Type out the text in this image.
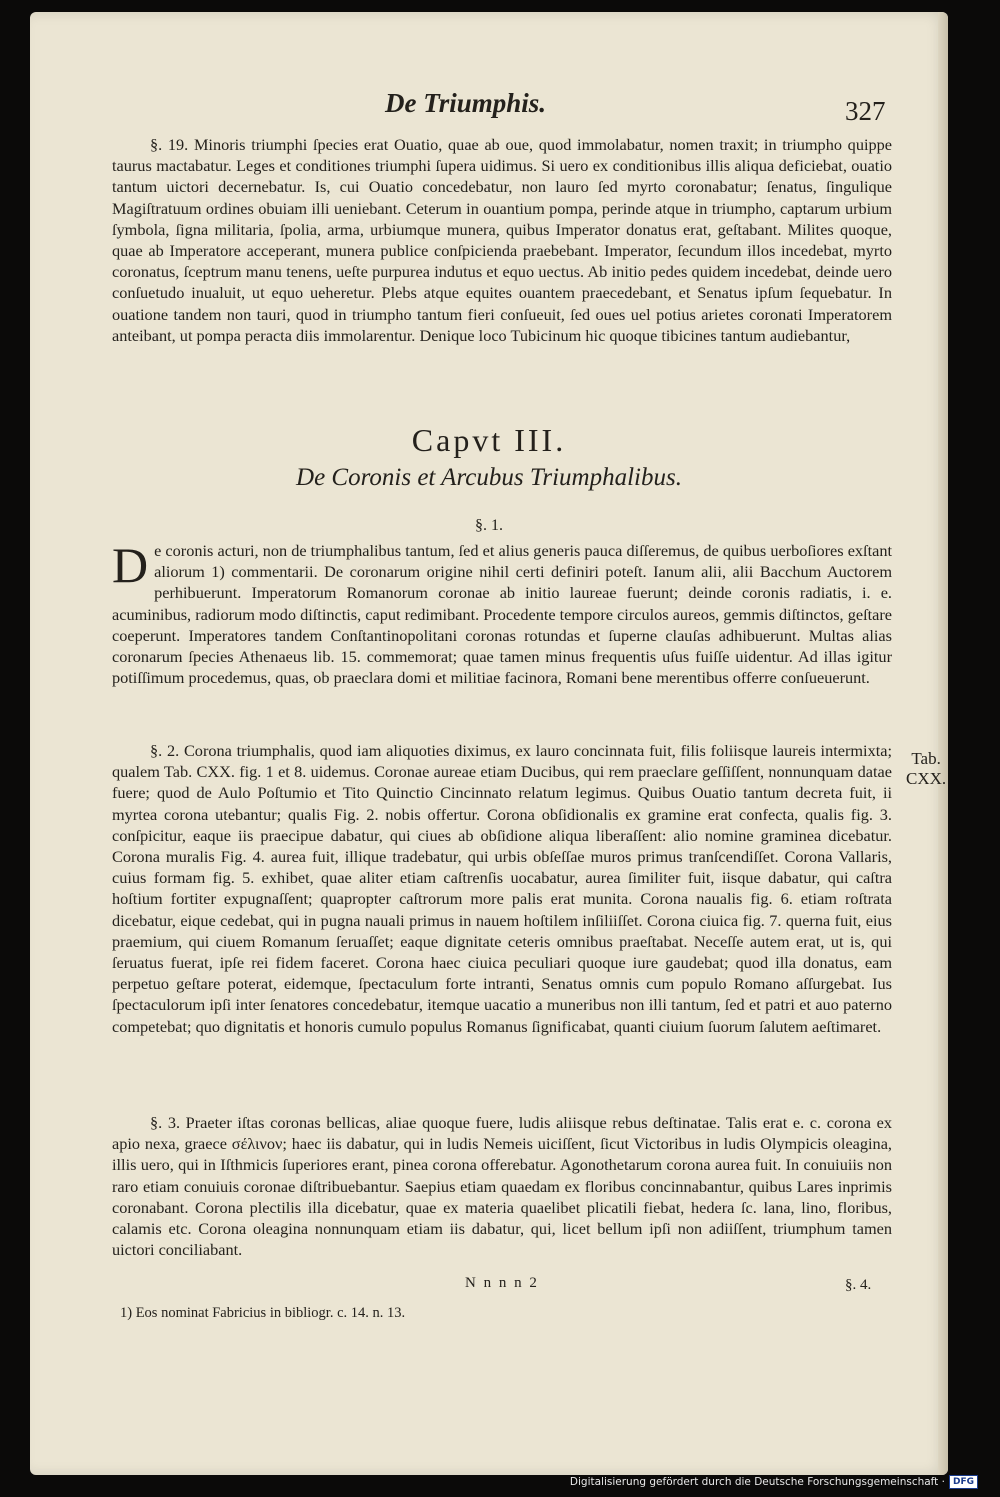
De Triumphis.	327

§. 19. Minoris triumphi ſpecies erat Ouatio, quae ab oue, quod immolabatur, nomen traxit; in triumpho quippe taurus mactabatur. Leges et conditiones triumphi ſupera uidimus. Si uero ex conditionibus illis aliqua deficiebat, ouatio tantum uictori decernebatur. Is, cui Ouatio concedebatur, non lauro ſed myrto coronabatur; ſenatus, ſingulique Magiſtratuum ordines obuiam illi ueniebant. Ceterum in ouantium pompa, perinde atque in triumpho, captarum urbium ſymbola, ſigna militaria, ſpolia, arma, urbiumque munera, quibus Imperator donatus erat, geſtabant. Milites quoque, quae ab Imperatore acceperant, munera publice conſpicienda praebebant. Imperator, ſecundum illos incedebat, myrto coronatus, ſceptrum manu tenens, ueſte purpurea indutus et equo uectus. Ab initio pedes quidem incedebat, deinde uero conſuetudo inualuit, ut equo ueheretur. Plebs atque equites ouantem praecedebant, et Senatus ipſum ſequebatur. In ouatione tandem non tauri, quod in triumpho tantum fieri conſueuit, ſed oues uel potius arietes coronati Imperatorem anteibant, ut pompa peracta diis immolarentur. Denique loco Tubicinum hic quoque tibicines tantum audiebantur,

Capvt III.
De Coronis et Arcubus Triumphalibus.
§. 1.
D e coronis acturi, non de triumphalibus tantum, ſed et alius generis pauca diſſeremus, de quibus uerboſiores exſtant aliorum 1) commentarii. De coronarum origine nihil certi definiri poteſt. Ianum alii, alii Bacchum Auctorem perhibuerunt. Imperatorum Romanorum coronae ab initio laureae fuerunt; deinde coronis radiatis, i. e. acuminibus, radiorum modo diſtinctis, caput redimibant. Procedente tempore circulos aureos, gemmis diſtinctos, geſtare coeperunt. Imperatores tandem Conſtantinopolitani coronas rotundas et ſuperne clauſas adhibuerunt. Multas alias coronarum ſpecies Athenaeus lib. 15. commemorat; quae tamen minus frequentis uſus fuiſſe uidentur. Ad illas igitur potiſſimum procedemus, quas, ob praeclara domi et militiae facinora, Romani bene merentibus offerre conſueuerunt.

§. 2. Corona triumphalis, quod iam aliquoties diximus, ex lauro concinnata fuit, filis foliisque laureis intermixta; qualem Tab. CXX. fig. 1 et 8. uidemus. Coronae aureae etiam Ducibus, qui rem praeclare geſſiſſent, nonnunquam datae fuere; quod de Aulo Poſtumio et Tito Quinctio Cincinnato relatum legimus. Quibus Ouatio tantum decreta fuit, ii myrtea corona utebantur; qualis Fig. 2. nobis offertur. Corona obſidionalis ex gramine erat confecta, qualis fig. 3. conſpicitur, eaque iis praecipue dabatur, qui ciues ab obſidione aliqua liberaſſent: alio nomine graminea dicebatur. Corona muralis Fig. 4. aurea fuit, illique tradebatur, qui urbis obſeſſae muros primus tranſcendiſſet. Corona Vallaris, cuius formam fig. 5. exhibet, quae aliter etiam caſtrenſis uocabatur, aurea ſimiliter fuit, iisque dabatur, qui caſtra hoſtium fortiter expugnaſſent; quapropter caſtrorum more palis erat munita. Corona naualis fig. 6. etiam roſtrata dicebatur, eique cedebat, qui in pugna nauali primus in nauem hoſtilem inſiliiſſet. Corona ciuica fig. 7. querna fuit, eius praemium, qui ciuem Romanum ſeruaſſet; eaque dignitate ceteris omnibus praeſtabat. Neceſſe autem erat, ut is, qui ſeruatus fuerat, ipſe rei fidem faceret. Corona haec ciuica peculiari quoque iure gaudebat; quod illa donatus, eam perpetuo geſtare poterat, eidemque, ſpectaculum forte intranti, Senatus omnis cum populo Romano aſſurgebat. Ius ſpectaculorum ipſi inter ſenatores concedebatur, itemque uacatio a muneribus non illi tantum, ſed et patri et auo paterno competebat; quo dignitatis et honoris cumulo populus Romanus ſignificabat, quanti ciuium ſuorum ſalutem aeſtimaret.

Tab.
CXX.

§. 3. Praeter iſtas coronas bellicas, aliae quoque fuere, ludis aliisque rebus deſtinatae. Talis erat e. c. corona ex apio nexa, graece σέλινον; haec iis dabatur, qui in ludis Nemeis uiciſſent, ſicut Victoribus in ludis Olympicis oleagina, illis uero, qui in Iſthmicis ſuperiores erant, pinea corona offerebatur. Agonothetarum corona aurea fuit. In conuiuiis non raro etiam conuiuis coronae diſtribuebantur. Saepius etiam quaedam ex floribus concinnabantur, quibus Lares inprimis coronabant. Corona plectilis illa dicebatur, quae ex materia quaelibet plicatili fiebat, hedera ſc. lana, lino, floribus, calamis etc. Corona oleagina nonnunquam etiam iis dabatur, qui, licet bellum ipſi non adiiſſent, triumphum tamen uictori conciliabant.

N n n n 2	§. 4.
1) Eos nominat Fabricius in bibliogr. c. 14. n. 13.
Digitalisierung gefördert durch die Deutsche Forschungsgemeinschaft · DFG
